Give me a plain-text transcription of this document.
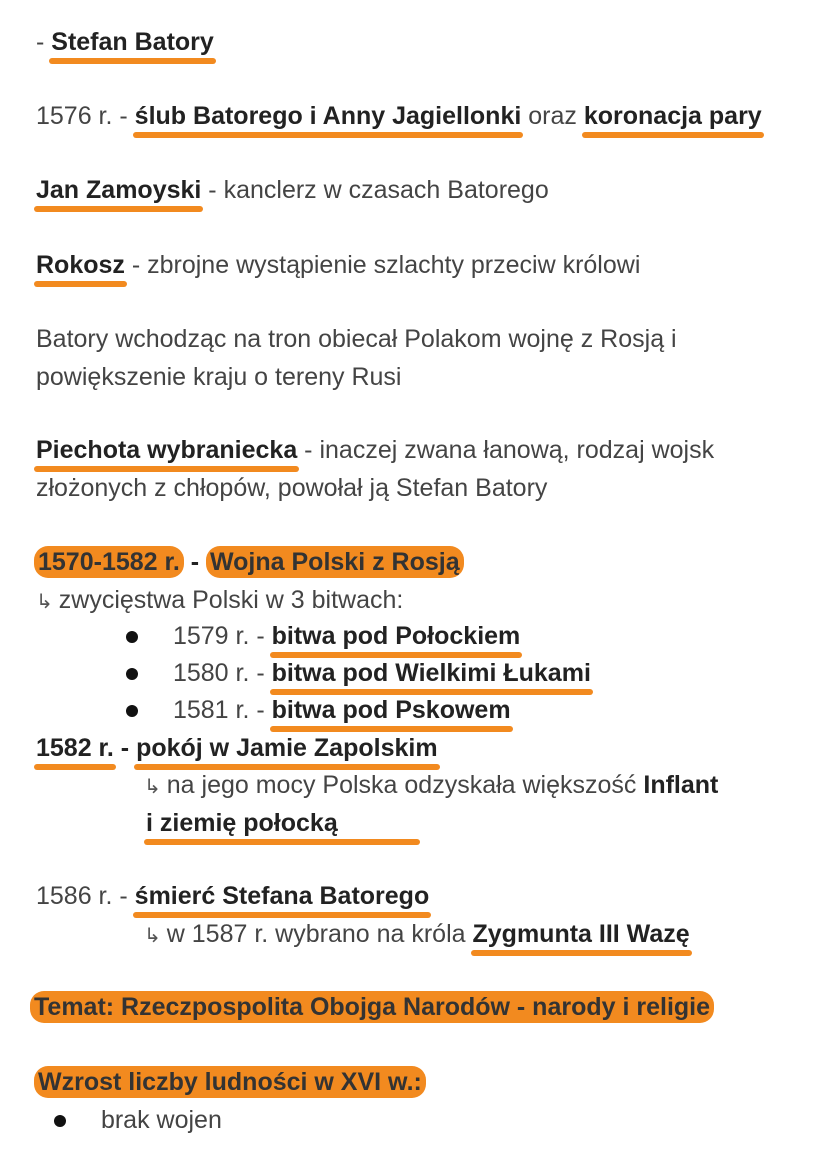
- Stefan Batory
1576 r. - ślub Batorego i Anny Jagiellonki oraz koronacja pary
Jan Zamoyski - kanclerz w czasach Batorego
Rokosz - zbrojne wystąpienie szlachty przeciw królowi
Batory wchodząc na tron obiecał Polakom wojnę z Rosją i
powiększenie kraju o tereny Rusi
Piechota wybraniecka - inaczej zwana łanową, rodzaj wojsk
złożonych z chłopów, powołał ją Stefan Batory
1570-1582 r. - Wojna Polski z Rosją
↳ zwycięstwa Polski w 3 bitwach:
1579 r. - bitwa pod Połockiem
1580 r. - bitwa pod Wielkimi Łukami
1581 r. - bitwa pod Pskowem
1582 r. - pokój w Jamie Zapolskim
↳ na jego mocy Polska odzyskała większość Inflant
i ziemię połocką
1586 r. - śmierć Stefana Batorego
↳ w 1587 r. wybrano na króla Zygmunta III Wazę
Temat: Rzeczpospolita Obojga Narodów - narody i religie
Wzrost liczby ludności w XVI w.:
brak wojen
